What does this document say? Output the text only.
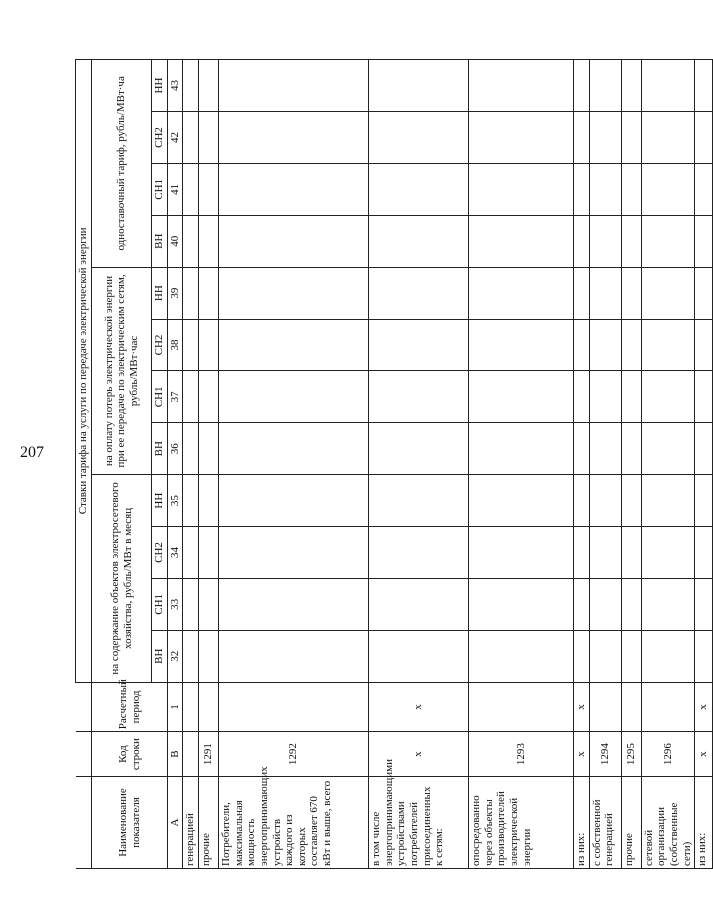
207
				Ставки тарифа на услуги по передаче электрической энергии											
Наименование показателя	Код строки	Расчетный период	на содержание объектов электросетевого хозяйства, рубль/МВт в месяц				на оплату потерь электрической энергии при ее передаче по электрическим сетям, рубль/МВт·час				одноставочный тариф, рубль/МВт·ча			
			ВН	СН1	СН2	НН	ВН	СН1	СН2	НН	ВН	СН1	СН2	НН
А	В	1	32	33	34	35	36	37	38	39	40	41	42	43
генерацией														
прочие	1291													
Потребители, максимальная мощность энергопринимающих устройств каждого из которых составляет 670 кВт и выше, всего	1292													
в том числе энергопринимающими устройствами потребителей присоединенных к сетям:	x	x												
опосредованно через объекты производителей электрической энергии	1293													
из них:	x	x												
с собственной генерацией	1294													
прочие	1295													
сетевой организации (собственные сети)	1296													
из них:	x	x												
